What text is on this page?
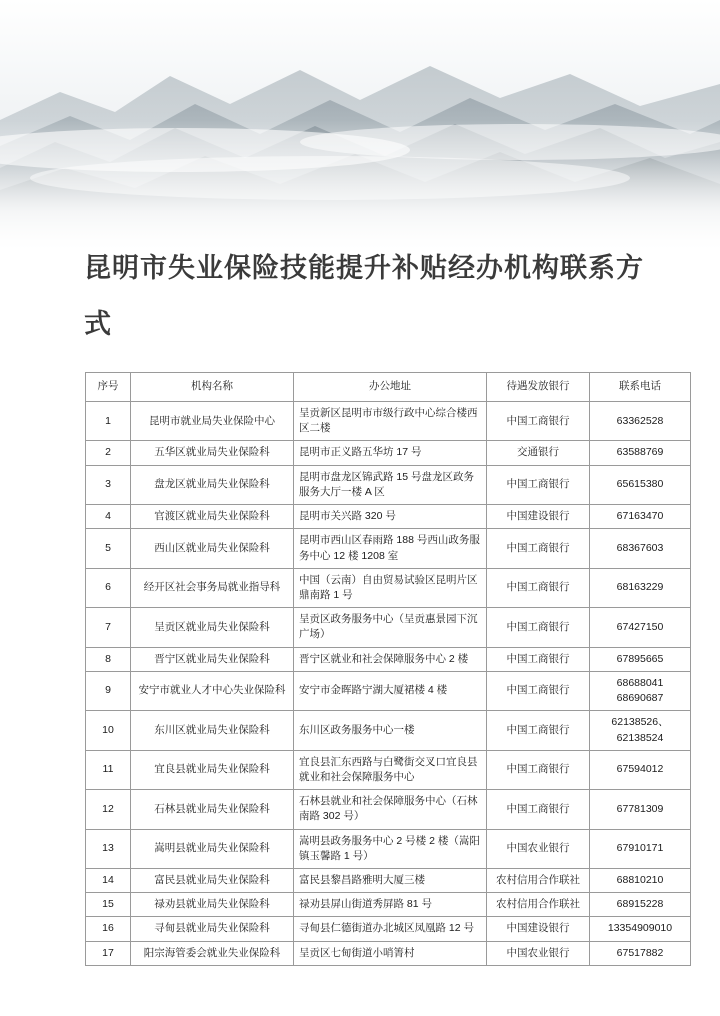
昆明市失业保险技能提升补贴经办机构联系方式
序号	机构名称	办公地址	待遇发放银行	联系电话
1	昆明市就业局失业保险中心	呈贡新区昆明市市级行政中心综合楼西区二楼	中国工商银行	63362528
2	五华区就业局失业保险科	昆明市正义路五华坊 17 号	交通银行	63588769
3	盘龙区就业局失业保险科	昆明市盘龙区锦武路 15 号盘龙区政务服务大厅一楼 A 区	中国工商银行	65615380
4	官渡区就业局失业保险科	昆明市关兴路 320 号	中国建设银行	67163470
5	西山区就业局失业保险科	昆明市西山区春雨路 188 号西山政务服务中心 12 楼 1208 室	中国工商银行	68367603
6	经开区社会事务局就业指导科	中国（云南）自由贸易试验区昆明片区鼎南路 1 号	中国工商银行	68163229
7	呈贡区就业局失业保险科	呈贡区政务服务中心（呈贡惠景园下沉广场）	中国工商银行	67427150
8	晋宁区就业局失业保险科	晋宁区就业和社会保障服务中心 2 楼	中国工商银行	67895665
9	安宁市就业人才中心失业保险科	安宁市金晖路宁湖大厦裙楼 4 楼	中国工商银行	68688041 68690687
10	东川区就业局失业保险科	东川区政务服务中心一楼	中国工商银行	62138526、62138524
11	宜良县就业局失业保险科	宜良县汇东西路与白鹭街交叉口宜良县就业和社会保障服务中心	中国工商银行	67594012
12	石林县就业局失业保险科	石林县就业和社会保障服务中心（石林南路 302 号）	中国工商银行	67781309
13	嵩明县就业局失业保险科	嵩明县政务服务中心 2 号楼 2 楼（嵩阳镇玉馨路 1 号）	中国农业银行	67910171
14	富民县就业局失业保险科	富民县黎昌路雅明大厦三楼	农村信用合作联社	68810210
15	禄劝县就业局失业保险科	禄劝县屏山街道秀屏路 81 号	农村信用合作联社	68915228
16	寻甸县就业局失业保险科	寻甸县仁德街道办北城区凤凰路 12 号	中国建设银行	13354909010
17	阳宗海管委会就业失业保险科	呈贡区七甸街道小哨箐村	中国农业银行	67517882
